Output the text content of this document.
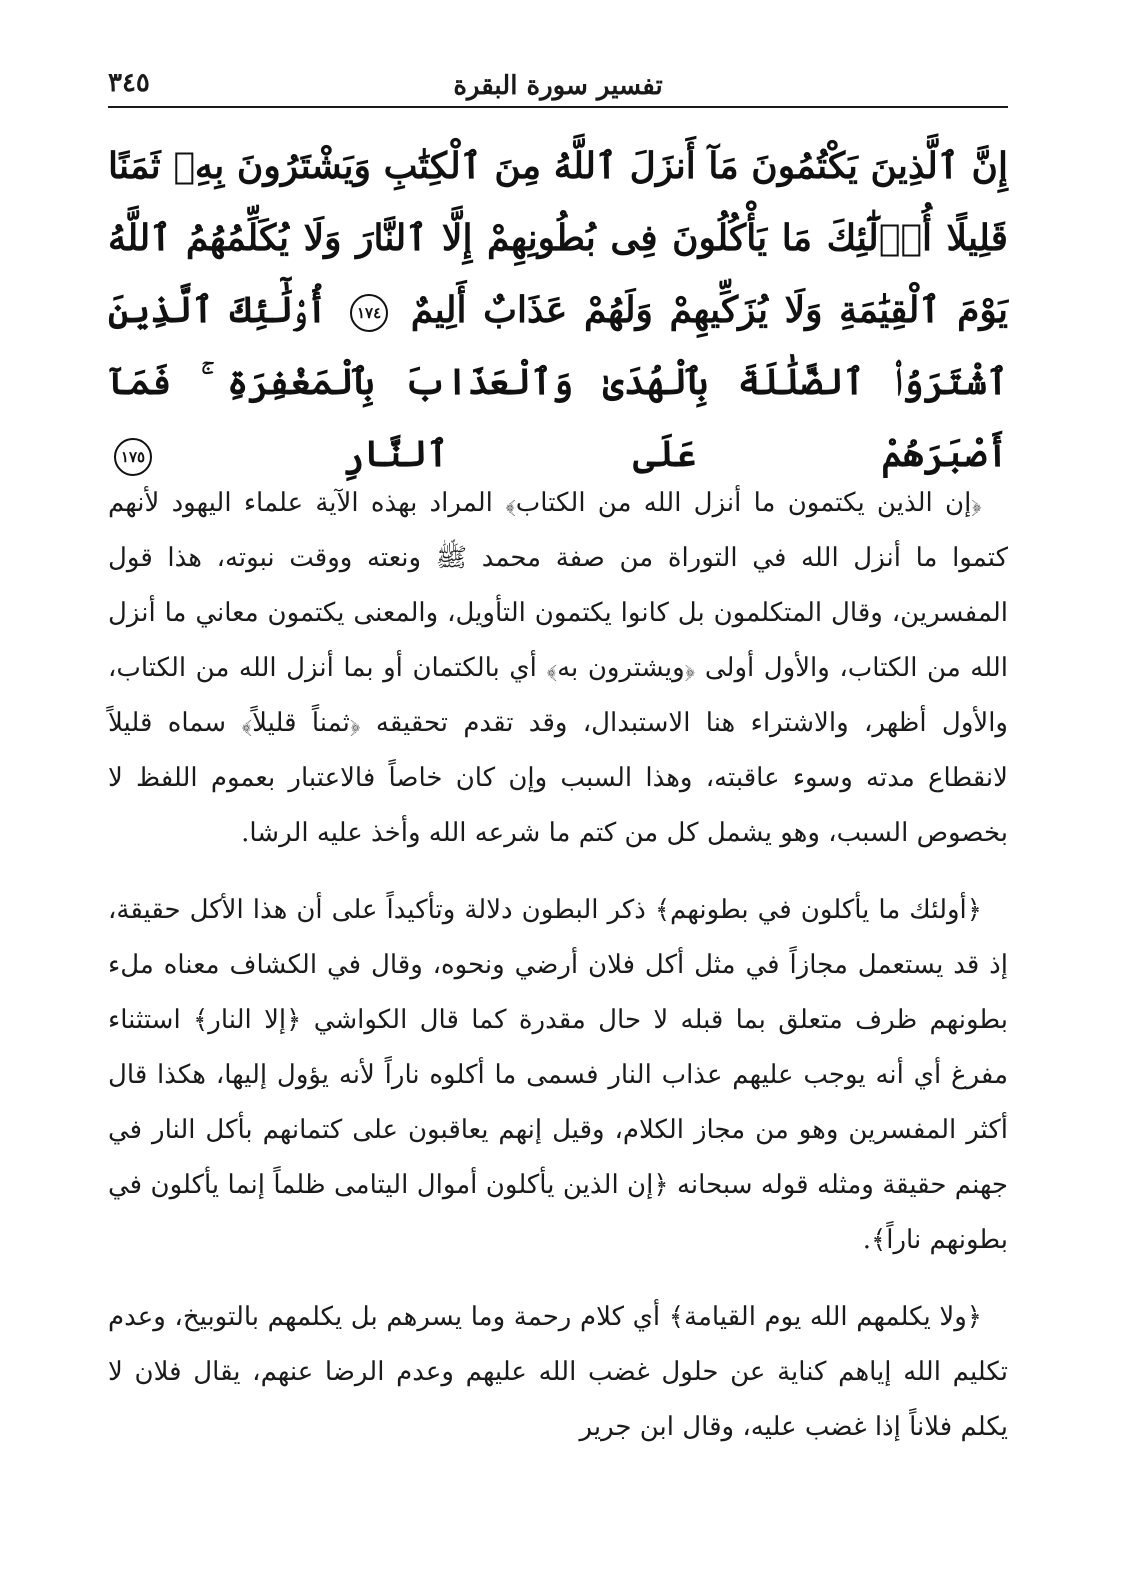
تفسير سورة البقرة
٣٤٥

إِنَّ ٱلَّذِينَ يَكْتُمُونَ مَآ أَنزَلَ ٱللَّهُ مِنَ ٱلْكِتَٰبِ وَيَشْتَرُونَ بِهِۦ ثَمَنًا قَلِيلًا أُو۟لَٰٓئِكَ مَا يَأْكُلُونَ فِى بُطُونِهِمْ إِلَّا ٱلنَّارَ وَلَا يُكَلِّمُهُمُ ٱللَّهُ يَوْمَ ٱلْقِيَٰمَةِ وَلَا يُزَكِّيهِمْ وَلَهُمْ عَذَابٌ أَلِيمٌ ١٧٤ أُو۟لَٰٓئِكَ ٱلَّذِينَ ٱشْتَرَوُا۟ ٱلضَّلَٰلَةَ بِٱلْهُدَىٰ وَٱلْعَذَابَ بِٱلْمَغْفِرَةِ ۚ فَمَآ أَصْبَرَهُمْ عَلَى ٱلنَّارِ ١٧٥

﴿إن الذين يكتمون ما أنزل الله من الكتاب﴾ المراد بهذه الآية علماء اليهود لأنهم كتموا ما أنزل الله في التوراة من صفة محمد ﷺ ونعته ووقت نبوته، هذا قول المفسرين، وقال المتكلمون بل كانوا يكتمون التأويل، والمعنى يكتمون معاني ما أنزل الله من الكتاب، والأول أولى ﴿ويشترون به﴾ أي بالكتمان أو بما أنزل الله من الكتاب، والأول أظهر، والاشتراء هنا الاستبدال، وقد تقدم تحقيقه ﴿ثمناً قليلاً﴾ سماه قليلاً لانقطاع مدته وسوء عاقبته، وهذا السبب وإن كان خاصاً فالاعتبار بعموم اللفظ لا بخصوص السبب، وهو يشمل كل من كتم ما شرعه الله وأخذ عليه الرشا.

﴿أولئك ما يأكلون في بطونهم﴾ ذكر البطون دلالة وتأكيداً على أن هذا الأكل حقيقة، إذ قد يستعمل مجازاً في مثل أكل فلان أرضي ونحوه، وقال في الكشاف معناه ملء بطونهم ظرف متعلق بما قبله لا حال مقدرة كما قال الكواشي ﴿إلا النار﴾ استثناء مفرغ أي أنه يوجب عليهم عذاب النار فسمى ما أكلوه ناراً لأنه يؤول إليها، هكذا قال أكثر المفسرين وهو من مجاز الكلام، وقيل إنهم يعاقبون على كتمانهم بأكل النار في جهنم حقيقة ومثله قوله سبحانه ﴿إن الذين يأكلون أموال اليتامى ظلماً إنما يأكلون في بطونهم ناراً﴾.

﴿ولا يكلمهم الله يوم القيامة﴾ أي كلام رحمة وما يسرهم بل يكلمهم بالتوبيخ، وعدم تكليم الله إياهم كناية عن حلول غضب الله عليهم وعدم الرضا عنهم، يقال فلان لا يكلم فلاناً إذا غضب عليه، وقال ابن جرير
